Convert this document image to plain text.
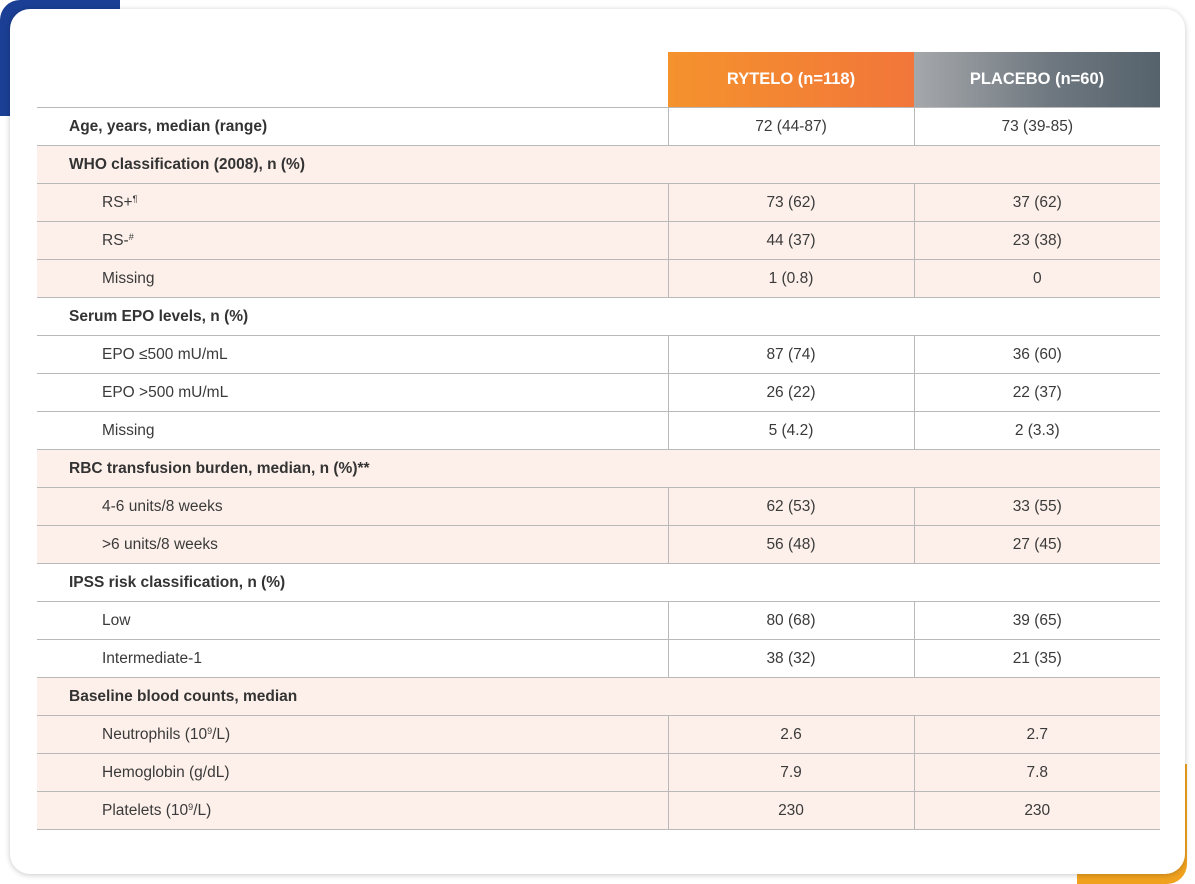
	RYTELO (n=118)	PLACEBO (n=60)
Age, years, median (range)	72 (44-87)	73 (39-85)
WHO classification (2008), n (%)		
RS+¶	73 (62)	37 (62)
RS-#	44 (37)	23 (38)
Missing	1 (0.8)	0
Serum EPO levels, n (%)		
EPO ≤500 mU/mL	87 (74)	36 (60)
EPO >500 mU/mL	26 (22)	22 (37)
Missing	5 (4.2)	2 (3.3)
RBC transfusion burden, median, n (%)**		
4-6 units/8 weeks	62 (53)	33 (55)
>6 units/8 weeks	56 (48)	27 (45)
IPSS risk classification, n (%)		
Low	80 (68)	39 (65)
Intermediate-1	38 (32)	21 (35)
Baseline blood counts, median		
Neutrophils $(10^9/L)$	2.6	2.7
Hemoglobin (g/dL)	7.9	7.8
Platelets $(10^9/L)$	230	230
